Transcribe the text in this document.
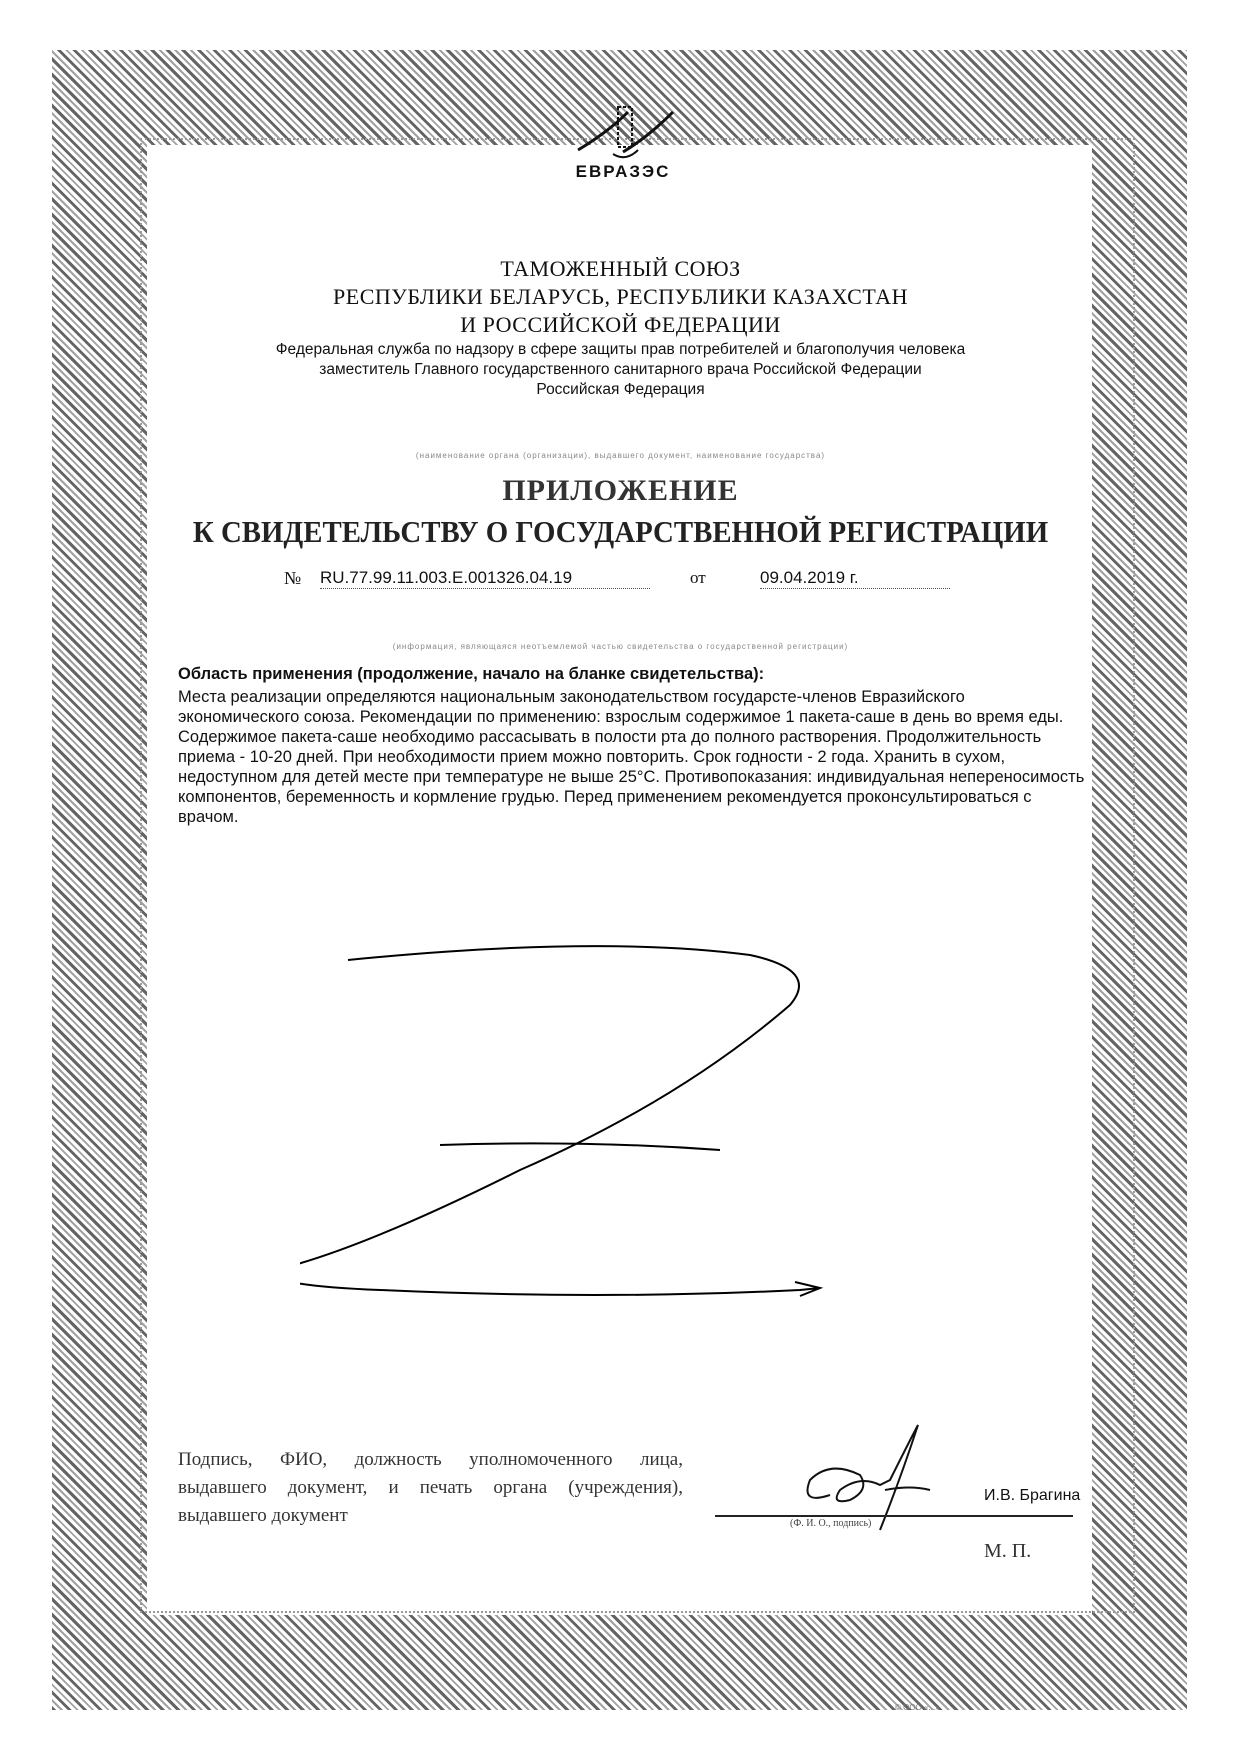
ЕВРАЗЭС
ТАМОЖЕННЫЙ СОЮЗ
РЕСПУБЛИКИ БЕЛАРУСЬ, РЕСПУБЛИКИ КАЗАХСТАН
И РОССИЙСКОЙ ФЕДЕРАЦИИ
Федеральная служба по надзору в сфере защиты прав потребителей и благополучия человека
заместитель Главного государственного санитарного врача Российской Федерации
Российская Федерация
(наименование органа (организации), выдавшего документ, наименование государства)
ПРИЛОЖЕНИЕ
К СВИДЕТЕЛЬСТВУ О ГОСУДАРСТВЕННОЙ РЕГИСТРАЦИИ
№ RU.77.99.11.003.E.001326.04.19	от	09.04.2019 г.
(информация, являющаяся неотъемлемой частью свидетельства о государственной регистрации)
Область применения (продолжение, начало на бланке свидетельства):
Места реализации определяются национальным законодательством государсте-членов Евразийского экономического союза. Рекомендации по применению: взрослым содержимое 1 пакета-саше в день во время еды. Содержимое пакета-саше необходимо рассасывать в полости рта до полного растворения. Продолжительность приема - 10-20 дней. При необходимости прием можно повторить. Срок годности - 2 года. Хранить в сухом, недоступном для детей месте при температуре не выше 25°С. Противопоказания: индивидуальная непереносимость компонентов, беременность и кормление грудью. Перед применением рекомендуется проконсультироваться с врачом.
Подпись, ФИО, должность уполномоченного лица, выдавшего документ, и печать органа (учреждения), выдавшего документ
И.В. Брагина
(Ф. И. О., подпись)
М. П.
© ООО «...»
